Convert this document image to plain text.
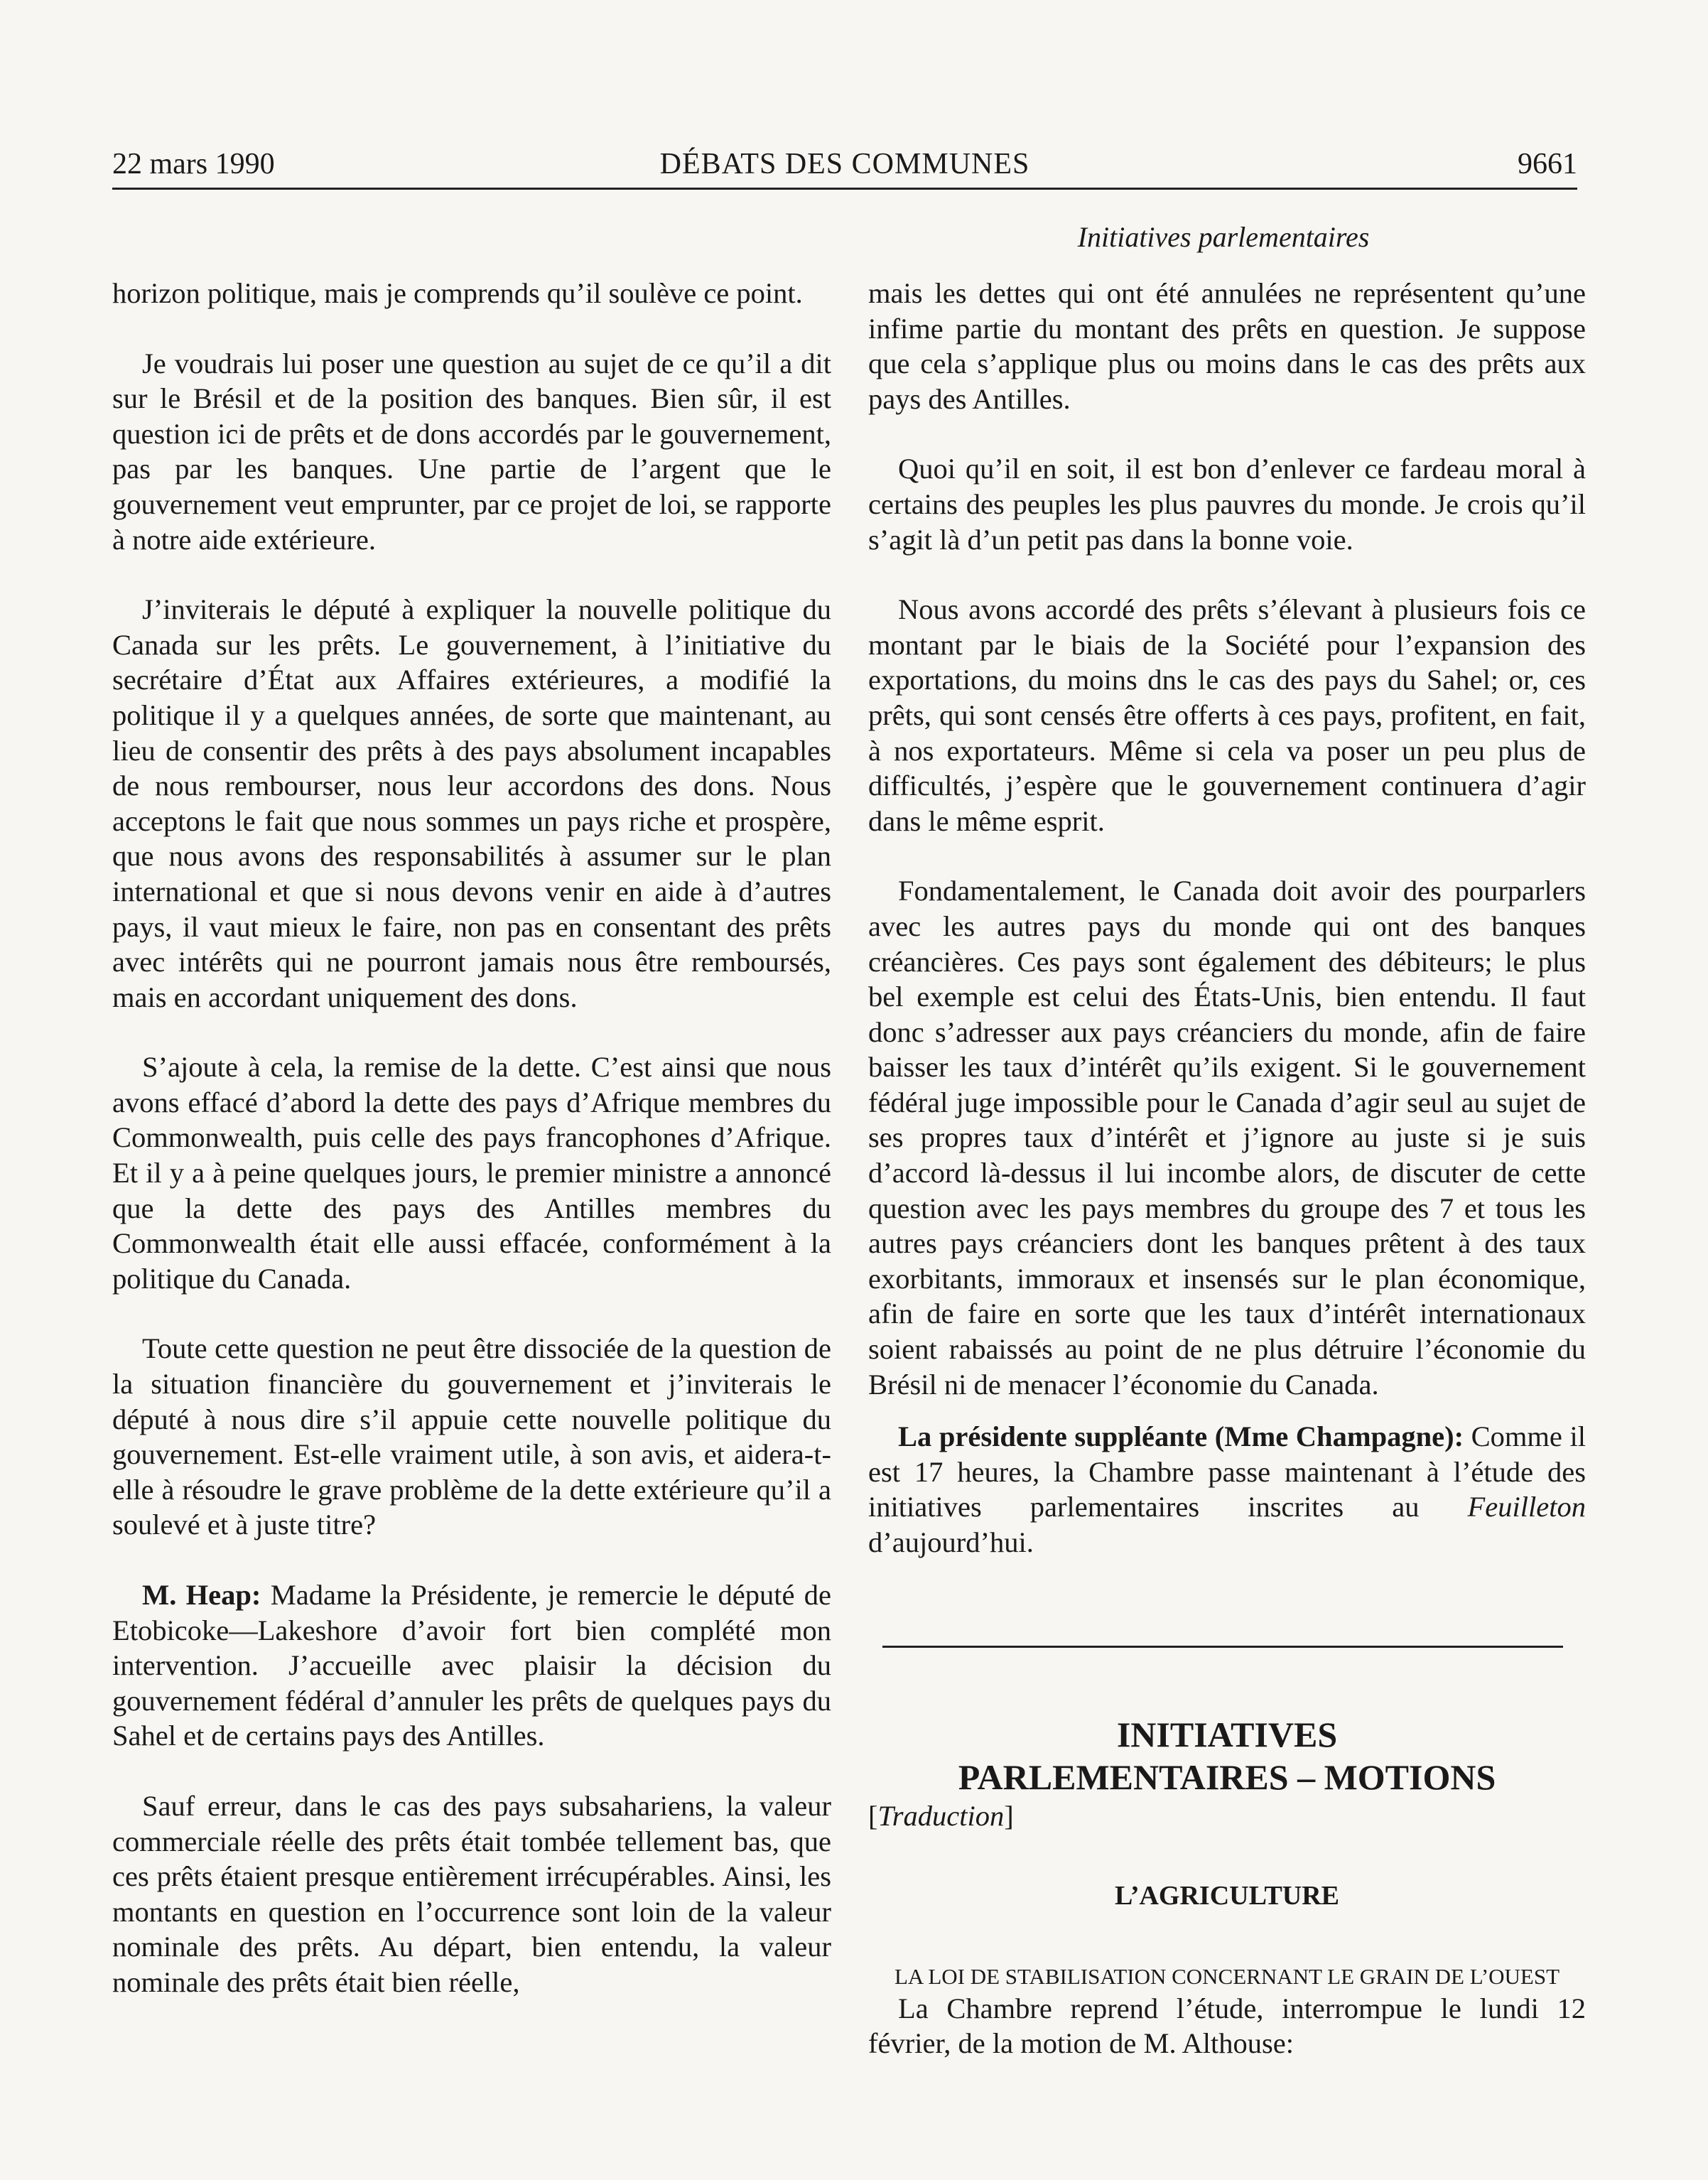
22 mars 1990	DÉBATS DES COMMUNES	9661
Initiatives parlementaires

horizon politique, mais je comprends qu’il soulève ce point.

Je voudrais lui poser une question au sujet de ce qu’il a dit sur le Brésil et de la position des banques. Bien sûr, il est question ici de prêts et de dons accordés par le gouvernement, pas par les banques. Une partie de l’argent que le gouvernement veut emprunter, par ce projet de loi, se rapporte à notre aide extérieure.

J’inviterais le député à expliquer la nouvelle politique du Canada sur les prêts. Le gouvernement, à l’initiative du secrétaire d’État aux Affaires extérieures, a modifié la politique il y a quelques années, de sorte que maintenant, au lieu de consentir des prêts à des pays absolument incapables de nous rembourser, nous leur accordons des dons. Nous acceptons le fait que nous sommes un pays riche et prospère, que nous avons des responsabilités à assumer sur le plan international et que si nous devons venir en aide à d’autres pays, il vaut mieux le faire, non pas en consentant des prêts avec intérêts qui ne pourront jamais nous être remboursés, mais en accordant uniquement des dons.

S’ajoute à cela, la remise de la dette. C’est ainsi que nous avons effacé d’abord la dette des pays d’Afrique membres du Commonwealth, puis celle des pays francophones d’Afrique. Et il y a à peine quelques jours, le premier ministre a annoncé que la dette des pays des Antilles membres du Commonwealth était elle aussi effacée, conformément à la politique du Canada.

Toute cette question ne peut être dissociée de la question de la situation financière du gouvernement et j’inviterais le député à nous dire s’il appuie cette nouvelle politique du gouvernement. Est-elle vraiment utile, à son avis, et aidera-t-elle à résoudre le grave problème de la dette extérieure qu’il a soulevé et à juste titre?

M. Heap: Madame la Présidente, je remercie le député de Etobicoke—Lakeshore d’avoir fort bien complété mon intervention. J’accueille avec plaisir la décision du gouvernement fédéral d’annuler les prêts de quelques pays du Sahel et de certains pays des Antilles.

Sauf erreur, dans le cas des pays subsahariens, la valeur commerciale réelle des prêts était tombée tellement bas, que ces prêts étaient presque entièrement irrécupérables. Ainsi, les montants en question en l’occurrence sont loin de la valeur nominale des prêts. Au départ, bien entendu, la valeur nominale des prêts était bien réelle,

mais les dettes qui ont été annulées ne représentent qu’une infime partie du montant des prêts en question. Je suppose que cela s’applique plus ou moins dans le cas des prêts aux pays des Antilles.

Quoi qu’il en soit, il est bon d’enlever ce fardeau moral à certains des peuples les plus pauvres du monde. Je crois qu’il s’agit là d’un petit pas dans la bonne voie.

Nous avons accordé des prêts s’élevant à plusieurs fois ce montant par le biais de la Société pour l’expansion des exportations, du moins dns le cas des pays du Sahel; or, ces prêts, qui sont censés être offerts à ces pays, profitent, en fait, à nos exportateurs. Même si cela va poser un peu plus de difficultés, j’espère que le gouvernement continuera d’agir dans le même esprit.

Fondamentalement, le Canada doit avoir des pourparlers avec les autres pays du monde qui ont des banques créancières. Ces pays sont également des débiteurs; le plus bel exemple est celui des États-Unis, bien entendu. Il faut donc s’adresser aux pays créanciers du monde, afin de faire baisser les taux d’intérêt qu’ils exigent. Si le gouvernement fédéral juge impossible pour le Canada d’agir seul au sujet de ses propres taux d’intérêt et j’ignore au juste si je suis d’accord là-dessus il lui incombe alors, de discuter de cette question avec les pays membres du groupe des 7 et tous les autres pays créanciers dont les banques prêtent à des taux exorbitants, immoraux et insensés sur le plan économique, afin de faire en sorte que les taux d’intérêt internationaux soient rabaissés au point de ne plus détruire l’économie du Brésil ni de menacer l’économie du Canada.

La présidente suppléante (Mme Champagne): Comme il est 17 heures, la Chambre passe maintenant à l’étude des initiatives parlementaires inscrites au Feuilleton d’aujourd’hui.

INITIATIVES
PARLEMENTAIRES – MOTIONS

[Traduction]

L’AGRICULTURE
LA LOI DE STABILISATION CONCERNANT LE GRAIN DE L’OUEST

La Chambre reprend l’étude, interrompue le lundi 12 février, de la motion de M. Althouse:
